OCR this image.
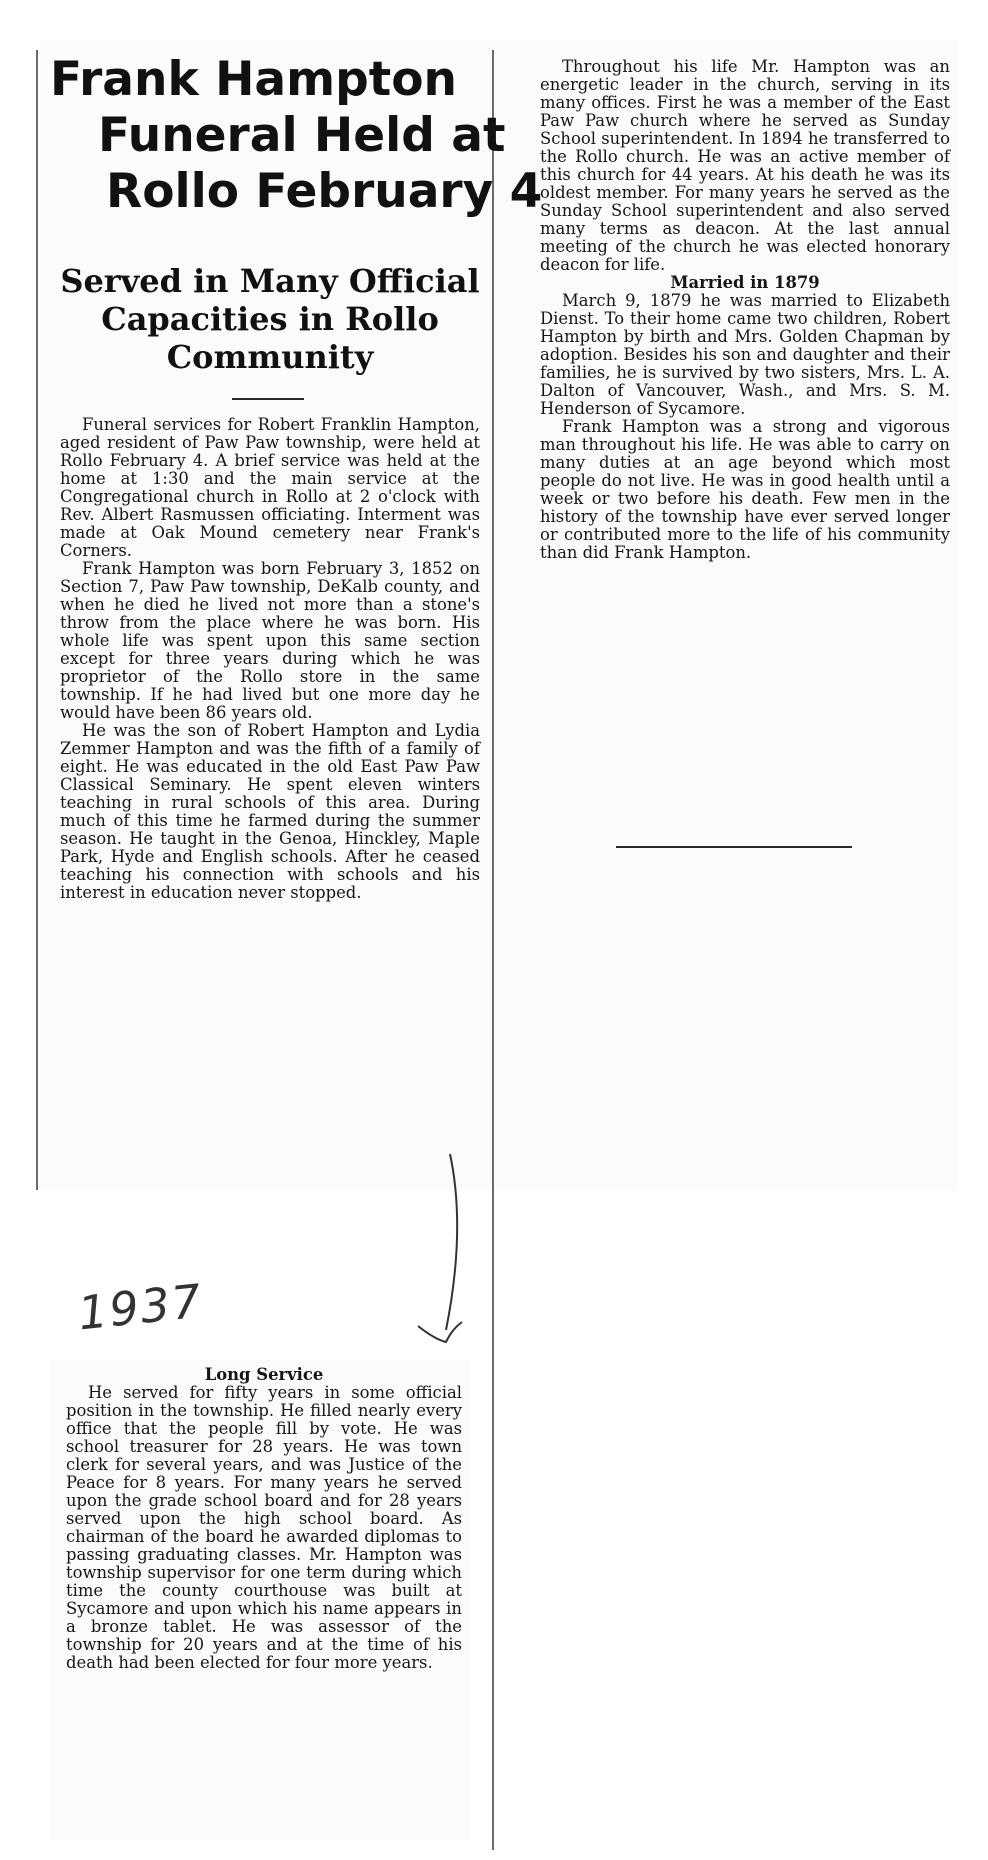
Frank Hampton
Funeral Held at
Rollo February 4
Served in Many Official
Capacities in Rollo
Community

Funeral services for Robert Franklin Hampton, aged resident of Paw Paw township, were held at Rollo February 4. A brief service was held at the home at 1:30 and the main service at the Congregational church in Rollo at 2 o'clock with Rev. Albert Rasmussen officiating. Interment was made at Oak Mound cemetery near Frank's Corners.

Frank Hampton was born February 3, 1852 on Section 7, Paw Paw township, DeKalb county, and when he died he lived not more than a stone's throw from the place where he was born. His whole life was spent upon this same section except for three years during which he was proprietor of the Rollo store in the same township. If he had lived but one more day he would have been 86 years old.

He was the son of Robert Hampton and Lydia Zemmer Hampton and was the fifth of a family of eight. He was educated in the old East Paw Paw Classical Seminary. He spent eleven winters teaching in rural schools of this area. During much of this time he farmed during the summer season. He taught in the Genoa, Hinckley, Maple Park, Hyde and English schools. After he ceased teaching his connection with schools and his interest in education never stopped.

Throughout his life Mr. Hampton was an energetic leader in the church, serving in its many offices. First he was a member of the East Paw Paw church where he served as Sunday School superintendent. In 1894 he transferred to the Rollo church. He was an active member of this church for 44 years. At his death he was its oldest member. For many years he served as the Sunday School superintendent and also served many terms as deacon. At the last annual meeting of the church he was elected honorary deacon for life.

Married in 1879

March 9, 1879 he was married to Elizabeth Dienst. To their home came two children, Robert Hampton by birth and Mrs. Golden Chapman by adoption. Besides his son and daughter and their families, he is survived by two sisters, Mrs. L. A. Dalton of Vancouver, Wash., and Mrs. S. M. Henderson of Sycamore.

Frank Hampton was a strong and vigorous man throughout his life. He was able to carry on many duties at an age beyond which most people do not live. He was in good health until a week or two before his death. Few men in the history of the township have ever served longer or contributed more to the life of his community than did Frank Hampton.

1937
Long Service

He served for fifty years in some official position in the township. He filled nearly every office that the people fill by vote. He was school treasurer for 28 years. He was town clerk for several years, and was Justice of the Peace for 8 years. For many years he served upon the grade school board and for 28 years served upon the high school board. As chairman of the board he awarded diplomas to passing graduating classes. Mr. Hampton was township supervisor for one term during which time the county courthouse was built at Sycamore and upon which his name appears in a bronze tablet. He was assessor of the township for 20 years and at the time of his death had been elected for four more years.
